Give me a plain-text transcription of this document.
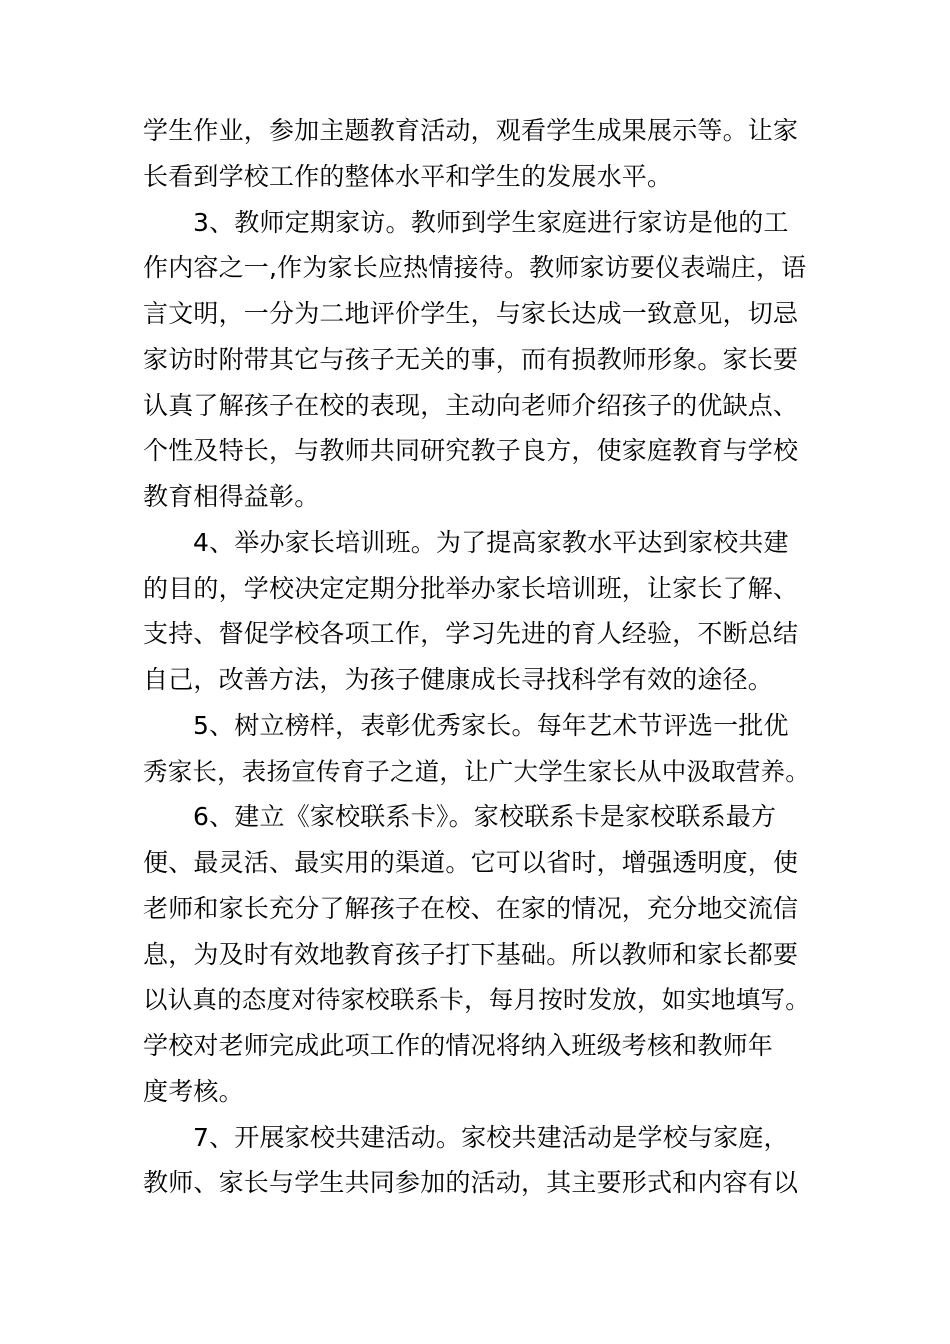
学生作业，参加主题教育活动，观看学生成果展示等。让家
长看到学校工作的整体水平和学生的发展水平。
3、教师定期家访。教师到学生家庭进行家访是他的工
作内容之一,作为家长应热情接待。教师家访要仪表端庄，语
言文明，一分为二地评价学生，与家长达成一致意见，切忌
家访时附带其它与孩子无关的事，而有损教师形象。家长要
认真了解孩子在校的表现，主动向老师介绍孩子的优缺点、
个性及特长，与教师共同研究教子良方，使家庭教育与学校
教育相得益彰。
4、举办家长培训班。为了提高家教水平达到家校共建
的目的，学校决定定期分批举办家长培训班，让家长了解、
支持、督促学校各项工作，学习先进的育人经验，不断总结
自己，改善方法，为孩子健康成长寻找科学有效的途径。
5、树立榜样，表彰优秀家长。每年艺术节评选一批优
秀家长，表扬宣传育子之道，让广大学生家长从中汲取营养。
6、建立《家校联系卡》。家校联系卡是家校联系最方
便、最灵活、最实用的渠道。它可以省时，增强透明度，使
老师和家长充分了解孩子在校、在家的情况，充分地交流信
息，为及时有效地教育孩子打下基础。所以教师和家长都要
以认真的态度对待家校联系卡，每月按时发放，如实地填写。
学校对老师完成此项工作的情况将纳入班级考核和教师年
度考核。
7、开展家校共建活动。家校共建活动是学校与家庭，
教师、家长与学生共同参加的活动，其主要形式和内容有以
